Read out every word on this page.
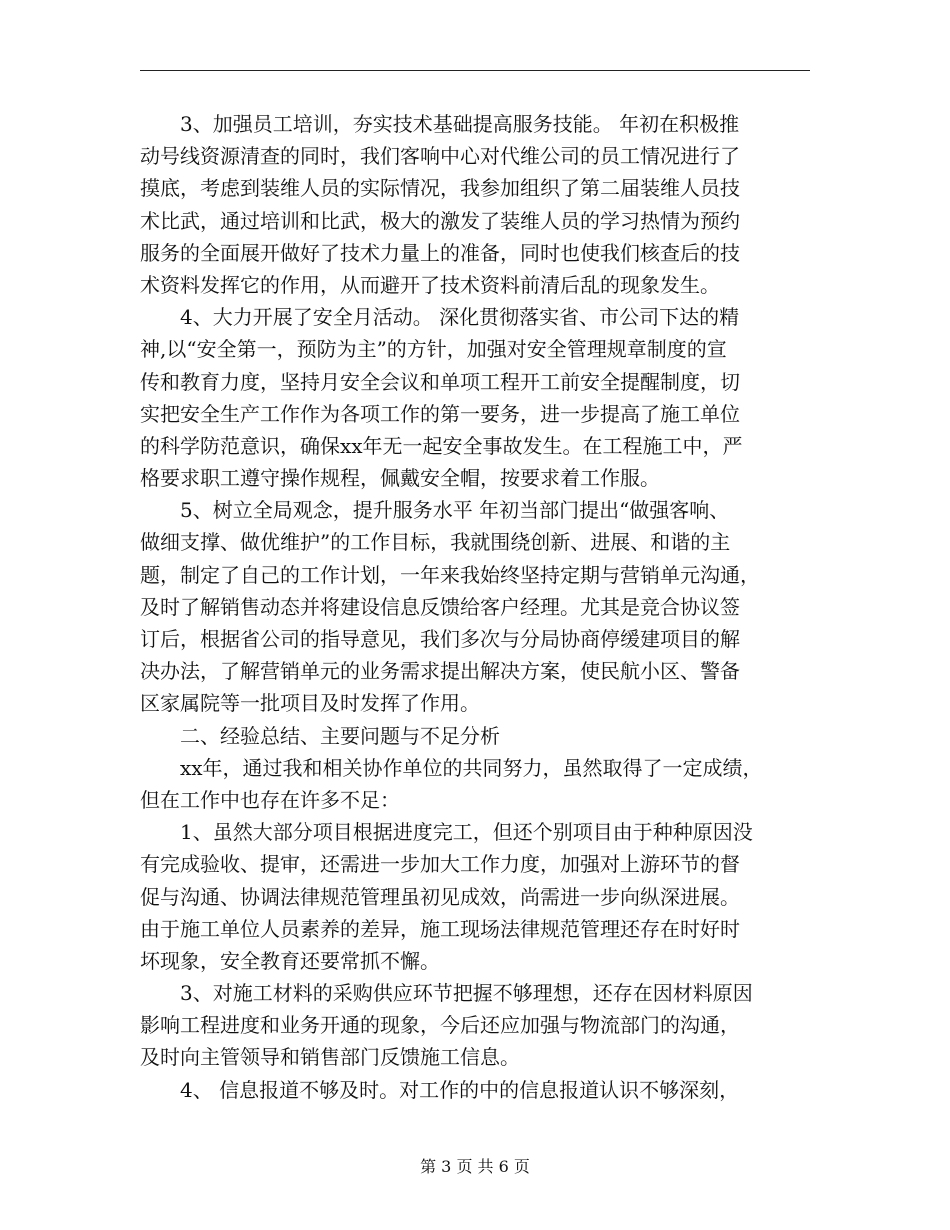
3、加强员工培训，夯实技术基础提高服务技能。 年初在积极推
动号线资源清查的同时，我们客响中心对代维公司的员工情况进行了
摸底，考虑到装维人员的实际情况，我参加组织了第二届装维人员技
术比武，通过培训和比武，极大的激发了装维人员的学习热情为预约
服务的全面展开做好了技术力量上的准备，同时也使我们核查后的技
术资料发挥它的作用，从而避开了技术资料前清后乱的现象发生。
4、大力开展了安全月活动。 深化贯彻落实省、市公司下达的精
神,以“安全第一，预防为主”的方针，加强对安全管理规章制度的宣
传和教育力度，坚持月安全会议和单项工程开工前安全提醒制度，切
实把安全生产工作作为各项工作的第一要务，进一步提高了施工单位
的科学防范意识，确保xx年无一起安全事故发生。在工程施工中，严
格要求职工遵守操作规程，佩戴安全帽，按要求着工作服。
5、树立全局观念，提升服务水平 年初当部门提出“做强客响、
做细支撑、做优维护”的工作目标，我就围绕创新、进展、和谐的主
题，制定了自己的工作计划，一年来我始终坚持定期与营销单元沟通，
及时了解销售动态并将建设信息反馈给客户经理。尤其是竞合协议签
订后，根据省公司的指导意见，我们多次与分局协商停缓建项目的解
决办法，了解营销单元的业务需求提出解决方案，使民航小区、警备
区家属院等一批项目及时发挥了作用。
二、经验总结、主要问题与不足分析
xx年，通过我和相关协作单位的共同努力，虽然取得了一定成绩，
但在工作中也存在许多不足：
1、虽然大部分项目根据进度完工，但还个别项目由于种种原因没
有完成验收、提审，还需进一步加大工作力度，加强对上游环节的督
促与沟通、协调法律规范管理虽初见成效，尚需进一步向纵深进展。
由于施工单位人员素养的差异，施工现场法律规范管理还存在时好时
坏现象，安全教育还要常抓不懈。
3、对施工材料的采购供应环节把握不够理想，还存在因材料原因
影响工程进度和业务开通的现象，今后还应加强与物流部门的沟通，
及时向主管领导和销售部门反馈施工信息。
4、 信息报道不够及时。对工作的中的信息报道认识不够深刻，
第 3 页 共 6 页
